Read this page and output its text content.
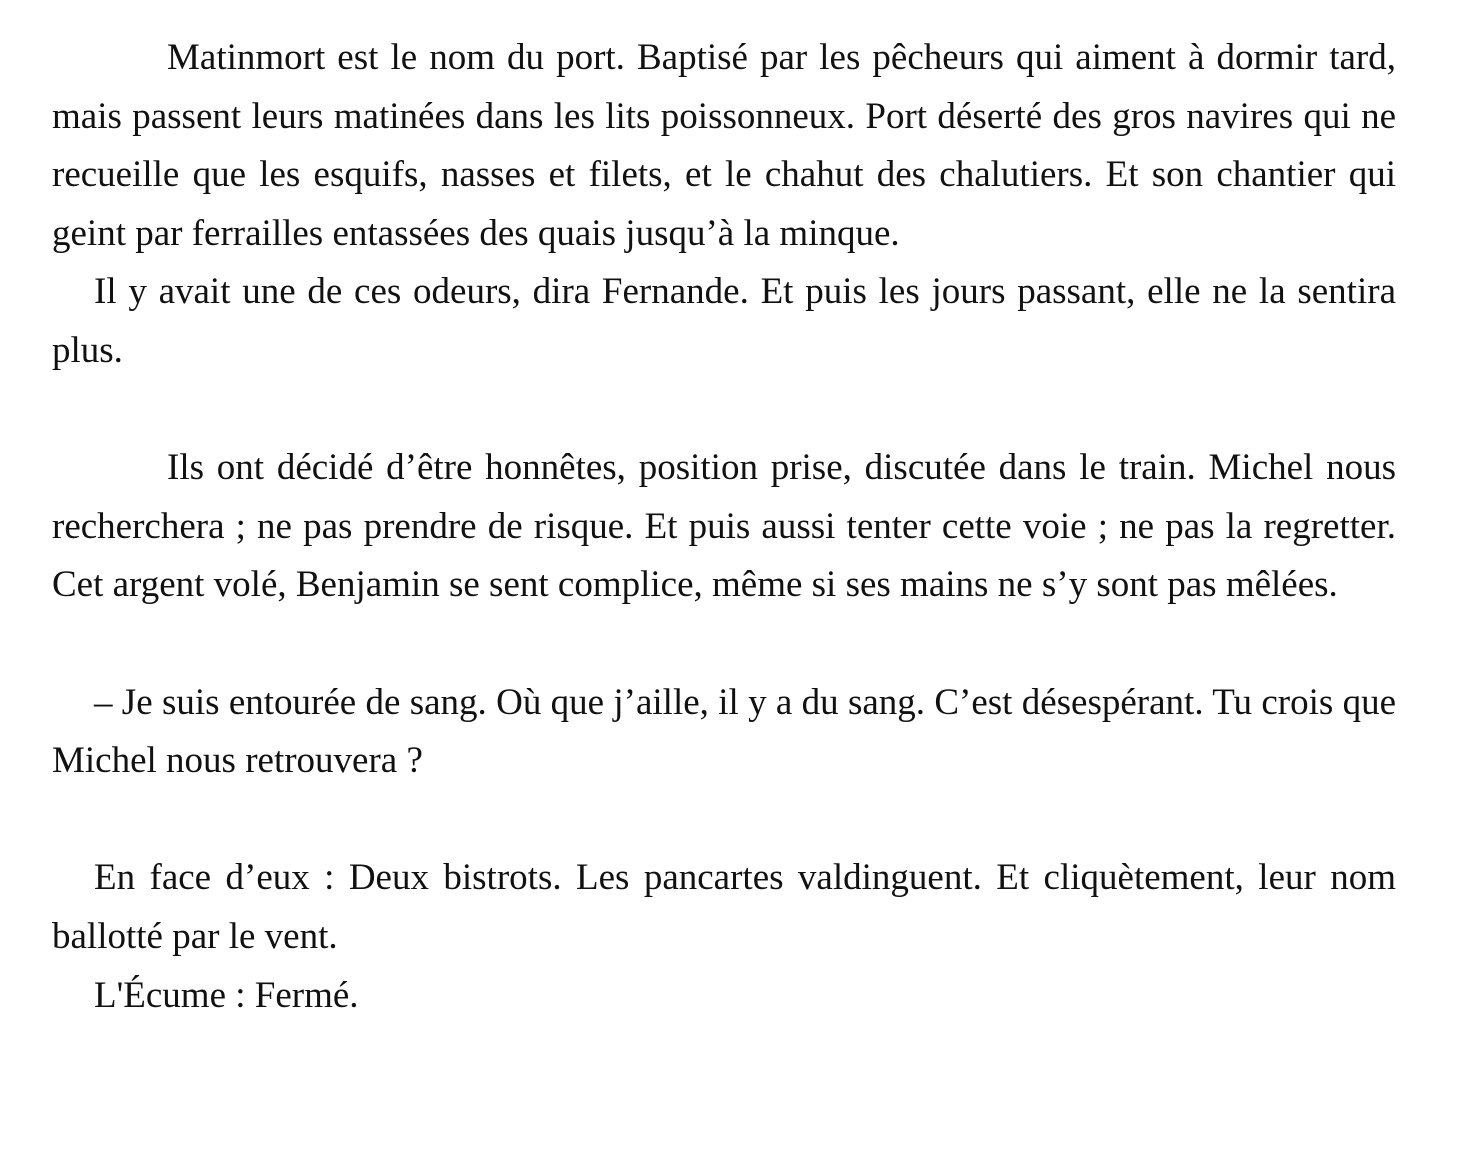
Matinmort est le nom du port. Baptisé par les pêcheurs qui aiment à dormir tard, mais passent leurs matinées dans les lits poissonneux. Port déserté des gros navires qui ne recueille que les esquifs, nasses et filets, et le chahut des chalutiers. Et son chantier qui geint par ferrailles entassées des quais jusqu’à la minque.

Il y avait une de ces odeurs, dira Fernande. Et puis les jours passant, elle ne la sentira plus.

Ils ont décidé d’être honnêtes, position prise, discutée dans le train. Michel nous recherchera ; ne pas prendre de risque. Et puis aussi tenter cette voie ; ne pas la regretter. Cet argent volé, Benjamin se sent complice, même si ses mains ne s’y sont pas mêlées.

– Je suis entourée de sang. Où que j’aille, il y a du sang. C’est désespérant. Tu crois que Michel nous retrouvera ?

En face d’eux : Deux bistrots. Les pancartes valdinguent. Et cliquètement, leur nom ballotté par le vent.

L'Écume : Fermé.
